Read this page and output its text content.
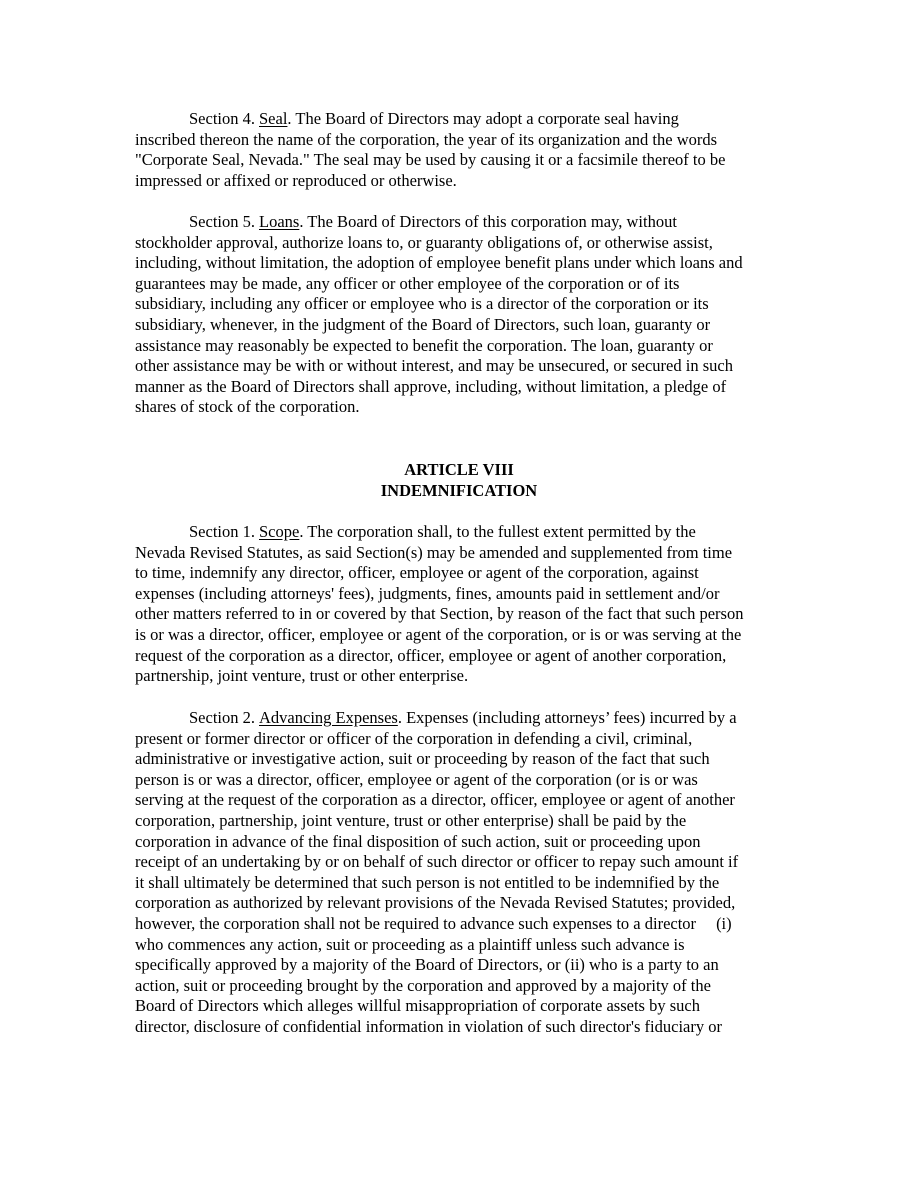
Section 4. Seal. The Board of Directors may adopt a corporate seal having
inscribed thereon the name of the corporation, the year of its organization and the words
"Corporate Seal, Nevada." The seal may be used by causing it or a facsimile thereof to be
impressed or affixed or reproduced or otherwise.
Section 5. Loans. The Board of Directors of this corporation may, without
stockholder approval, authorize loans to, or guaranty obligations of, or otherwise assist,
including, without limitation, the adoption of employee benefit plans under which loans and
guarantees may be made, any officer or other employee of the corporation or of its
subsidiary, including any officer or employee who is a director of the corporation or its
subsidiary, whenever, in the judgment of the Board of Directors, such loan, guaranty or
assistance may reasonably be expected to benefit the corporation. The loan, guaranty or
other assistance may be with or without interest, and may be unsecured, or secured in such
manner as the Board of Directors shall approve, including, without limitation, a pledge of
shares of stock of the corporation.
ARTICLE VIII
INDEMNIFICATION
Section 1. Scope. The corporation shall, to the fullest extent permitted by the
Nevada Revised Statutes, as said Section(s) may be amended and supplemented from time
to time, indemnify any director, officer, employee or agent of the corporation, against
expenses (including attorneys' fees), judgments, fines, amounts paid in settlement and/or
other matters referred to in or covered by that Section, by reason of the fact that such person
is or was a director, officer, employee or agent of the corporation, or is or was serving at the
request of the corporation as a director, officer, employee or agent of another corporation,
partnership, joint venture, trust or other enterprise.
Section 2. Advancing Expenses. Expenses (including attorneys’ fees) incurred by a
present or former director or officer of the corporation in defending a civil, criminal,
administrative or investigative action, suit or proceeding by reason of the fact that such
person is or was a director, officer, employee or agent of the corporation (or is or was
serving at the request of the corporation as a director, officer, employee or agent of another
corporation, partnership, joint venture, trust or other enterprise) shall be paid by the
corporation in advance of the final disposition of such action, suit or proceeding upon
receipt of an undertaking by or on behalf of such director or officer to repay such amount if
it shall ultimately be determined that such person is not entitled to be indemnified by the
corporation as authorized by relevant provisions of the Nevada Revised Statutes; provided,
however, the corporation shall not be required to advance such expenses to a director (i)
who commences any action, suit or proceeding as a plaintiff unless such advance is
specifically approved by a majority of the Board of Directors, or (ii) who is a party to an
action, suit or proceeding brought by the corporation and approved by a majority of the
Board of Directors which alleges willful misappropriation of corporate assets by such
director, disclosure of confidential information in violation of such director's fiduciary or
